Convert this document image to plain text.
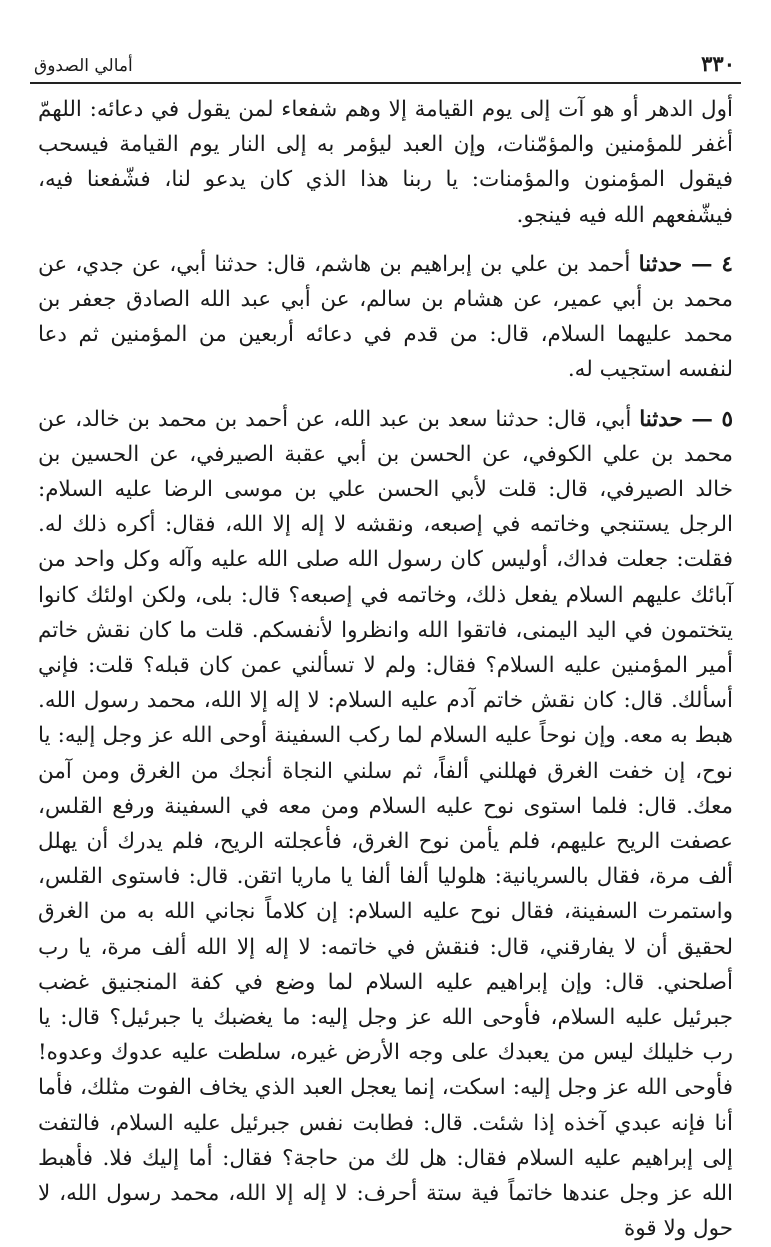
٣٣٠
أمالي الصدوق

أول الدهر أو هو آت إلى يوم القيامة إلا وهم شفعاء لمن يقول في دعائه: اللهمّ أغفر للمؤمنين والمؤمّنات، وإن العبد ليؤمر به إلى النار يوم القيامة فيسحب فيقول المؤمنون والمؤمنات: يا ربنا هذا الذي كان يدعو لنا، فشّفعنا فيه، فيشّفعهم الله فيه فينجو.

٤ — حدثنا أحمد بن علي بن إبراهيم بن هاشم، قال: حدثنا أبي، عن جدي، عن محمد بن أبي عمير، عن هشام بن سالم، عن أبي عبد الله الصادق جعفر بن محمد عليهما السلام، قال: من قدم في دعائه أربعين من المؤمنين ثم دعا لنفسه استجيب له.

٥ — حدثنا أبي، قال: حدثنا سعد بن عبد الله، عن أحمد بن محمد بن خالد، عن محمد بن علي الكوفي، عن الحسن بن أبي عقبة الصيرفي، عن الحسين بن خالد الصيرفي، قال: قلت لأبي الحسن علي بن موسى الرضا عليه السلام: الرجل يستنجي وخاتمه في إصبعه، ونقشه لا إله إلا الله، فقال: أكره ذلك له. فقلت: جعلت فداك، أوليس كان رسول الله صلى الله عليه وآله وكل واحد من آبائك عليهم السلام يفعل ذلك، وخاتمه في إصبعه؟ قال: بلى، ولكن اولئك كانوا يتختمون في اليد اليمنى، فاتقوا الله وانظروا لأنفسكم. قلت ما كان نقش خاتم أمير المؤمنين عليه السلام؟ فقال: ولم لا تسألني عمن كان قبله؟ قلت: فإني أسألك. قال: كان نقش خاتم آدم عليه السلام: لا إله إلا الله، محمد رسول الله. هبط به معه. وإن نوحاً عليه السلام لما ركب السفينة أوحى الله عز وجل إليه: يا نوح، إن خفت الغرق فهللني ألفاً، ثم سلني النجاة أنجك من الغرق ومن آمن معك. قال: فلما استوى نوح عليه السلام ومن معه في السفينة ورفع القلس، عصفت الريح عليهم، فلم يأمن نوح الغرق، فأعجلته الريح، فلم يدرك أن يهلل ألف مرة، فقال بالسريانية: هلوليا ألفا ألفا يا ماريا اتقن. قال: فاستوى القلس، واستمرت السفينة، فقال نوح عليه السلام: إن كلاماً نجاني الله به من الغرق لحقيق أن لا يفارقني، قال: فنقش في خاتمه: لا إله إلا الله ألف مرة، يا رب أصلحني. قال: وإن إبراهيم عليه السلام لما وضع في كفة المنجنيق غضب جبرئيل عليه السلام، فأوحى الله عز وجل إليه: ما يغضبك يا جبرئيل؟ قال: يا رب خليلك ليس من يعبدك على وجه الأرض غيره، سلطت عليه عدوك وعدوه! فأوحى الله عز وجل إليه: اسكت، إنما يعجل العبد الذي يخاف الفوت مثلك، فأما أنا فإنه عبدي آخذه إذا شئت. قال: فطابت نفس جبرئيل عليه السلام، فالتفت إلى إبراهيم عليه السلام فقال: هل لك من حاجة؟ فقال: أما إليك فلا. فأهبط الله عز وجل عندها خاتماً فية ستة أحرف: لا إله إلا الله، محمد رسول الله، لا حول ولا قوة
